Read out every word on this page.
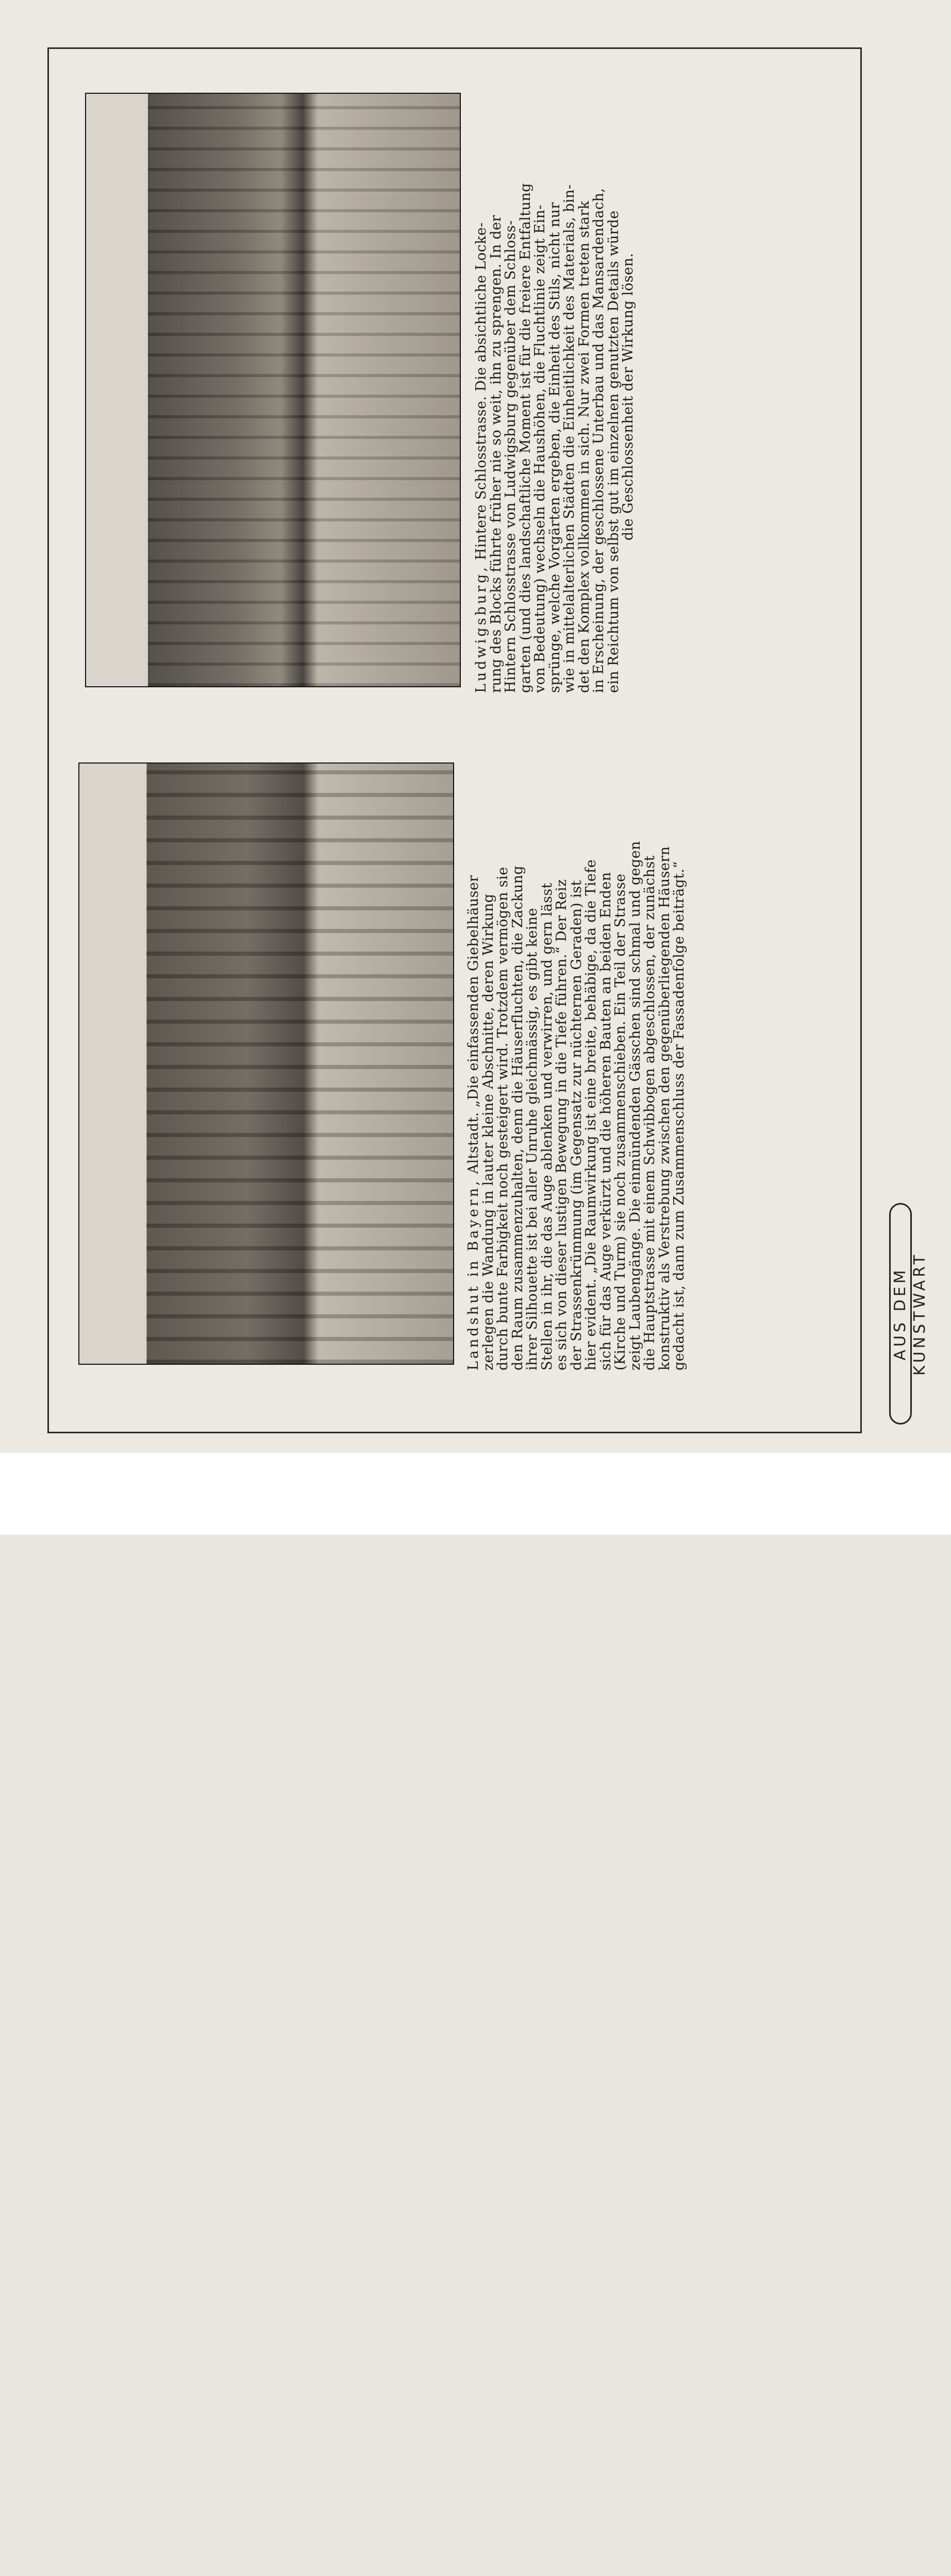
Ludwigsburg, Hintere Schlosstrasse. Die absichtliche Locke-

rung des Blocks führte früher nie so weit, ihn zu sprengen. In der

Hintern Schlosstrasse von Ludwigsburg gegenüber dem Schloss-

garten (und dies landschaftliche Moment ist für die freiere Entfaltung

von Bedeutung) wechseln die Haushöhen, die Fluchtlinie zeigt Ein-

sprünge, welche Vorgärten ergeben, die Einheit des Stils, nicht nur

wie in mittelalterlichen Städten die Einheitlichkeit des Materials, bin-

det den Komplex vollkommen in sich. Nur zwei Formen treten stark

in Erscheinung, der geschlossene Unterbau und das Mansardendach,

ein Reichtum von selbst gut im einzelnen genutzten Details würde

die Geschlossenheit der Wirkung lösen.

Landshut in Bayern, Altstadt. „Die einfassenden Giebelhäuser

zerlegen die Wandung in lauter kleine Abschnitte, deren Wirkung

durch bunte Farbigkeit noch gesteigert wird. Trotzdem vermögen sie

den Raum zusammenzuhalten, denn die Häuserfluchten, die Zackung

ihrer Silhouette ist bei aller Unruhe gleichmässig, es gibt keine

Stellen in ihr, die das Auge ablenken und verwirren, und gern lässt

es sich von dieser lustigen Bewegung in die Tiefe führen.“ Der Reiz

der Strassenkrümmung (im Gegensatz zur nüchternen Geraden) ist

hier evident. „Die Raumwirkung ist eine breite, behäbige, da die Tiefe

sich für das Auge verkürzt und die höheren Bauten an beiden Enden

(Kirche und Turm) sie noch zusammenschieben. Ein Teil der Strasse

zeigt Laubengänge. Die einmündenden Gässchen sind schmal und gegen

die Hauptstrasse mit einem Schwibbogen abgeschlossen, der zunächst

konstruktiv als Verstrebung zwischen den gegenüberliegenden Häusern

gedacht ist, dann zum Zusammenschluss der Fassadenfolge beiträgt.“	AUS DEM KUNSTWART
